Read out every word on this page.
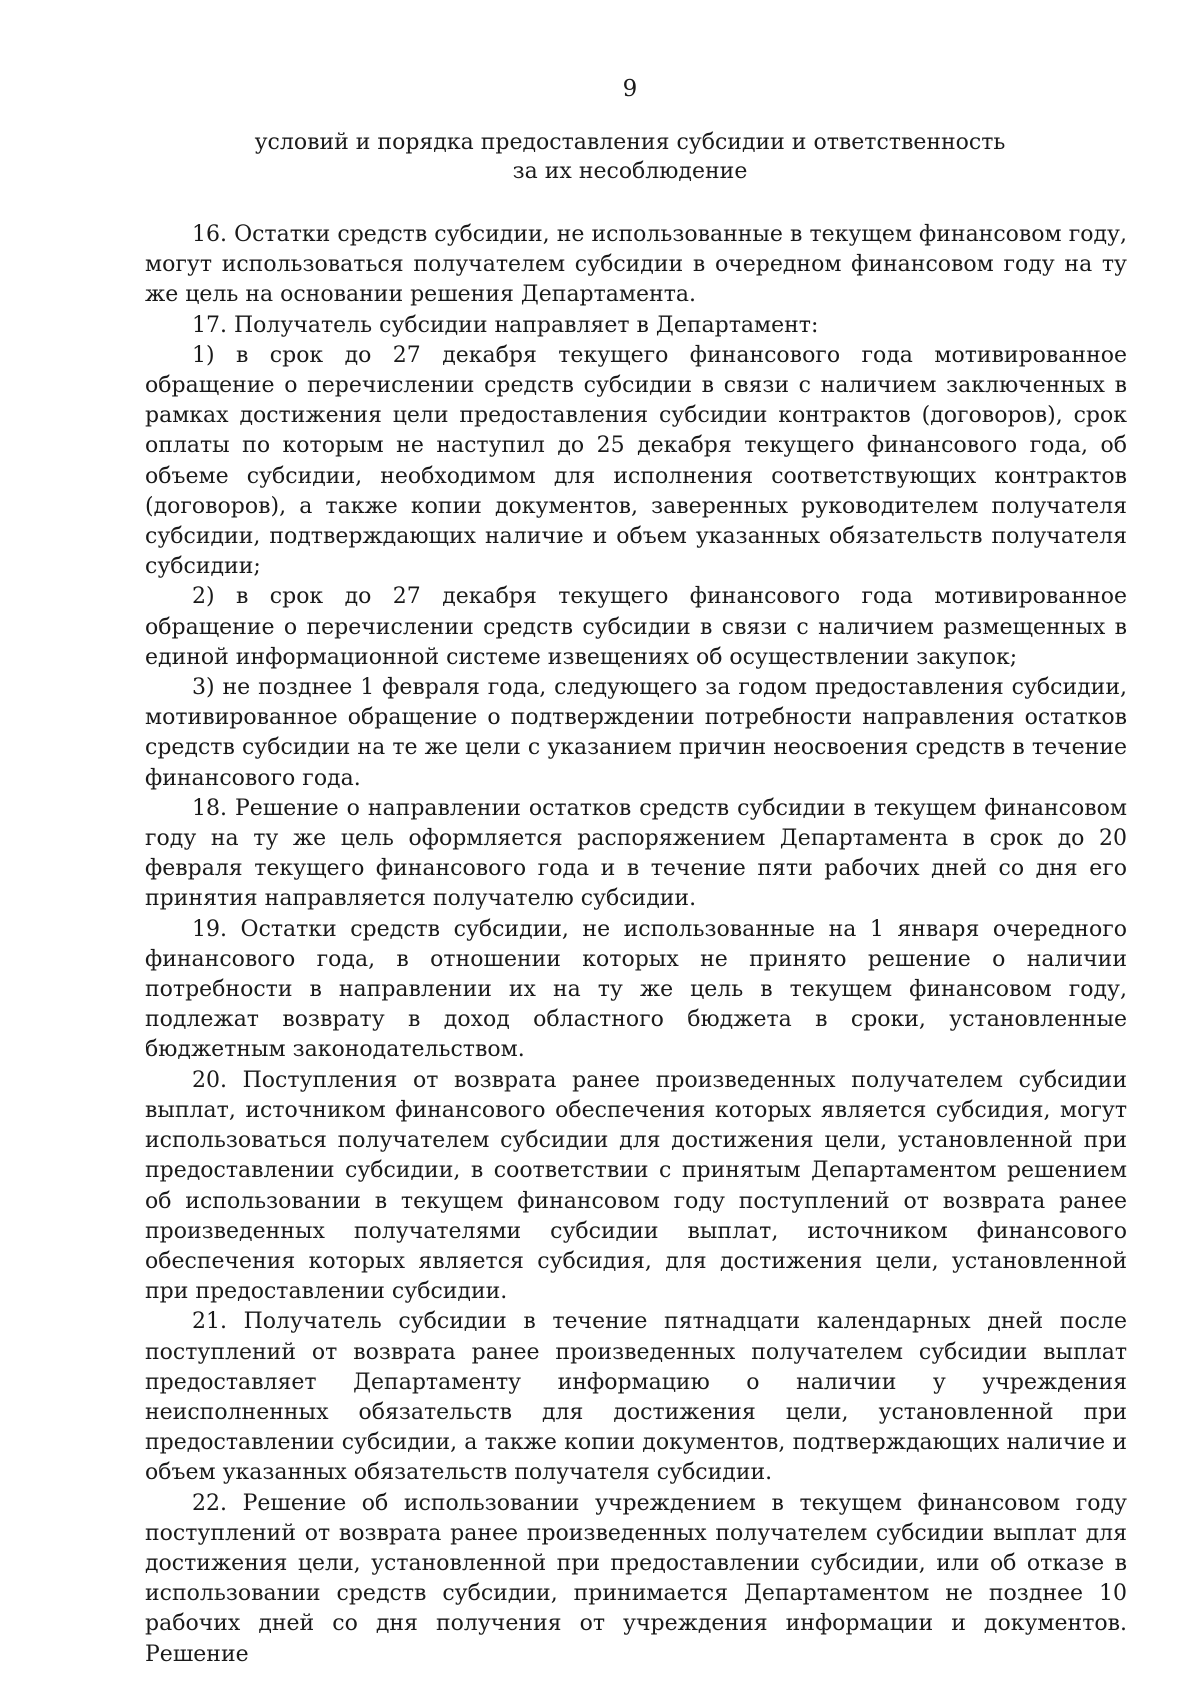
9
условий и порядка предоставления субсидии и ответственность
за их несоблюдение

16. Остатки средств субсидии, не использованные в текущем финансовом году, могут использоваться получателем субсидии в очередном финансовом году на ту же цель на основании решения Департамента.

17. Получатель субсидии направляет в Департамент:

1) в срок до 27 декабря текущего финансового года мотивированное обращение о перечислении средств субсидии в связи с наличием заключенных в рамках достижения цели предоставления субсидии контрактов (договоров), срок оплаты по которым не наступил до 25 декабря текущего финансового года, об объеме субсидии, необходимом для исполнения соответствующих контрактов (договоров), а также копии документов, заверенных руководителем получателя субсидии, подтверждающих наличие и объем указанных обязательств получателя субсидии;

2) в срок до 27 декабря текущего финансового года мотивированное обращение о перечислении средств субсидии в связи с наличием размещенных в единой информационной системе извещениях об осуществлении закупок;

3) не позднее 1 февраля года, следующего за годом предоставления субсидии, мотивированное обращение о подтверждении потребности направления остатков средств субсидии на те же цели с указанием причин неосвоения средств в течение финансового года.

18. Решение о направлении остатков средств субсидии в текущем финансовом году на ту же цель оформляется распоряжением Департамента в срок до 20 февраля текущего финансового года и в течение пяти рабочих дней со дня его принятия направляется получателю субсидии.

19. Остатки средств субсидии, не использованные на 1 января очередного финансового года, в отношении которых не принято решение о наличии потребности в направлении их на ту же цель в текущем финансовом году, подлежат возврату в доход областного бюджета в сроки, установленные бюджетным законодательством.

20. Поступления от возврата ранее произведенных получателем субсидии выплат, источником финансового обеспечения которых является субсидия, могут использоваться получателем субсидии для достижения цели, установленной при предоставлении субсидии, в соответствии с принятым Департаментом решением об использовании в текущем финансовом году поступлений от возврата ранее произведенных получателями субсидии выплат, источником финансового обеспечения которых является субсидия, для достижения цели, установленной при предоставлении субсидии.

21. Получатель субсидии в течение пятнадцати календарных дней после поступлений от возврата ранее произведенных получателем субсидии выплат предоставляет Департаменту информацию о наличии у учреждения неисполненных обязательств для достижения цели, установленной при предоставлении субсидии, а также копии документов, подтверждающих наличие и объем указанных обязательств получателя субсидии.

22. Решение об использовании учреждением в текущем финансовом году поступлений от возврата ранее произведенных получателем субсидии выплат для достижения цели, установленной при предоставлении субсидии, или об отказе в использовании средств субсидии, принимается Департаментом не позднее 10 рабочих дней со дня получения от учреждения информации и документов. Решение
